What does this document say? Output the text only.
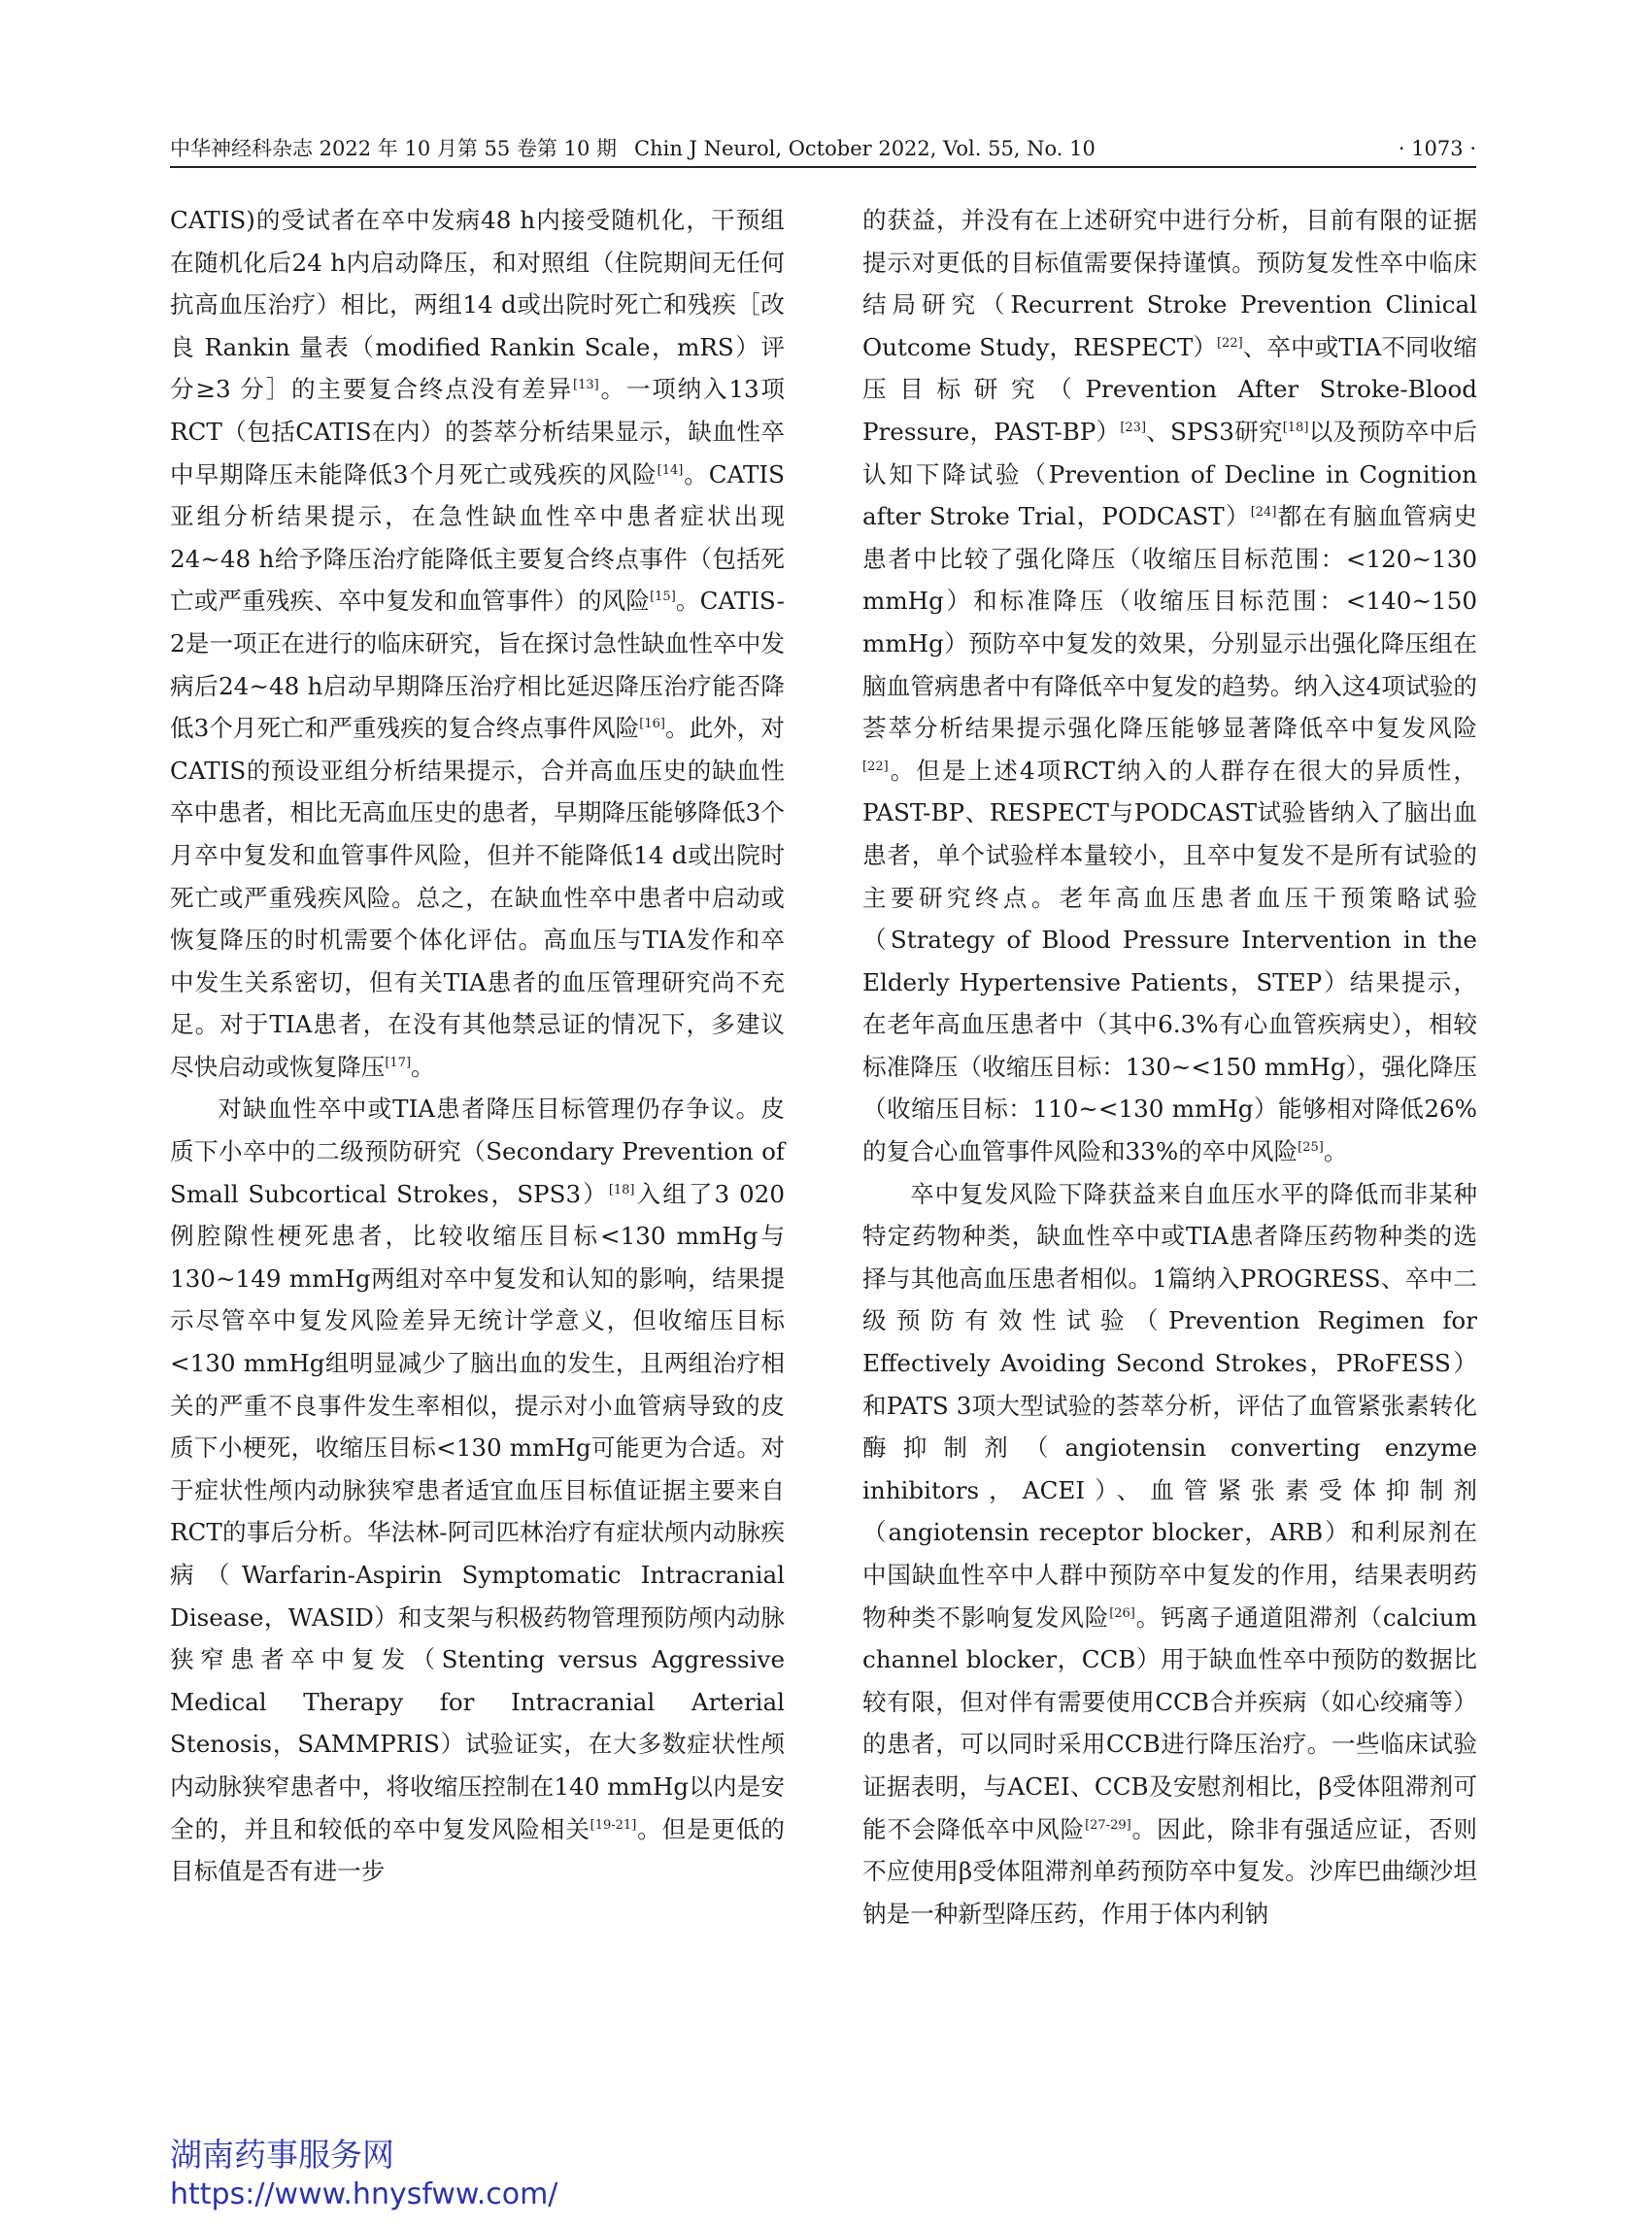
中华神经科杂志 2022 年 10 月第 55 卷第 10 期 Chin J Neurol, October 2022, Vol. 55, No. 10	· 1073 ·

CATIS)的受试者在卒中发病48 h内接受随机化，干预组在随机化后24 h内启动降压，和对照组（住院期间无任何抗高血压治疗）相比，两组14 d或出院时死亡和残疾［改良 Rankin 量表（modified Rankin Scale，mRS）评分≥3 分］的主要复合终点没有差异[13]。一项纳入13项RCT（包括CATIS在内）的荟萃分析结果显示，缺血性卒中早期降压未能降低3个月死亡或残疾的风险[14]。CATIS亚组分析结果提示，在急性缺血性卒中患者症状出现24~48 h给予降压治疗能降低主要复合终点事件（包括死亡或严重残疾、卒中复发和血管事件）的风险[15]。CATIS-2是一项正在进行的临床研究，旨在探讨急性缺血性卒中发病后24~48 h启动早期降压治疗相比延迟降压治疗能否降低3个月死亡和严重残疾的复合终点事件风险[16]。此外，对CATIS的预设亚组分析结果提示，合并高血压史的缺血性卒中患者，相比无高血压史的患者，早期降压能够降低3个月卒中复发和血管事件风险，但并不能降低14 d或出院时死亡或严重残疾风险。总之，在缺血性卒中患者中启动或恢复降压的时机需要个体化评估。高血压与TIA发作和卒中发生关系密切，但有关TIA患者的血压管理研究尚不充足。对于TIA患者，在没有其他禁忌证的情况下，多建议尽快启动或恢复降压[17]。

对缺血性卒中或TIA患者降压目标管理仍存争议。皮质下小卒中的二级预防研究（Secondary Prevention of Small Subcortical Strokes，SPS3）[18]入组了3 020例腔隙性梗死患者，比较收缩压目标<130 mmHg与130~149 mmHg两组对卒中复发和认知的影响，结果提示尽管卒中复发风险差异无统计学意义，但收缩压目标<130 mmHg组明显减少了脑出血的发生，且两组治疗相关的严重不良事件发生率相似，提示对小血管病导致的皮质下小梗死，收缩压目标<130 mmHg可能更为合适。对于症状性颅内动脉狭窄患者适宜血压目标值证据主要来自RCT的事后分析。华法林-阿司匹林治疗有症状颅内动脉疾病（Warfarin-Aspirin Symptomatic Intracranial Disease，WASID）和支架与积极药物管理预防颅内动脉狭窄患者卒中复发（Stenting versus Aggressive Medical Therapy for Intracranial Arterial Stenosis，SAMMPRIS）试验证实，在大多数症状性颅内动脉狭窄患者中，将收缩压控制在140 mmHg以内是安全的，并且和较低的卒中复发风险相关[19-21]。但是更低的目标值是否有进一步

的获益，并没有在上述研究中进行分析，目前有限的证据提示对更低的目标值需要保持谨慎。预防复发性卒中临床结局研究（Recurrent Stroke Prevention Clinical Outcome Study，RESPECT）[22]、卒中或TIA不同收缩压目标研究（Prevention After Stroke-Blood Pressure，PAST-BP）[23]、SPS3研究[18]以及预防卒中后认知下降试验（Prevention of Decline in Cognition after Stroke Trial，PODCAST）[24]都在有脑血管病史患者中比较了强化降压（收缩压目标范围：<120~130 mmHg）和标准降压（收缩压目标范围：<140~150 mmHg）预防卒中复发的效果，分别显示出强化降压组在脑血管病患者中有降低卒中复发的趋势。纳入这4项试验的荟萃分析结果提示强化降压能够显著降低卒中复发风险[22]。但是上述4项RCT纳入的人群存在很大的异质性，PAST-BP、RESPECT与PODCAST试验皆纳入了脑出血患者，单个试验样本量较小，且卒中复发不是所有试验的主要研究终点。老年高血压患者血压干预策略试验（Strategy of Blood Pressure Intervention in the Elderly Hypertensive Patients，STEP）结果提示，在老年高血压患者中（其中6.3%有心血管疾病史），相较标准降压（收缩压目标：130~<150 mmHg），强化降压（收缩压目标：110~<130 mmHg）能够相对降低26%的复合心血管事件风险和33%的卒中风险[25]。

卒中复发风险下降获益来自血压水平的降低而非某种特定药物种类，缺血性卒中或TIA患者降压药物种类的选择与其他高血压患者相似。1篇纳入PROGRESS、卒中二级预防有效性试验（Prevention Regimen for Effectively Avoiding Second Strokes，PRoFESS）和PATS 3项大型试验的荟萃分析，评估了血管紧张素转化酶抑制剂（angiotensin converting enzyme inhibitors，ACEI）、血管紧张素受体抑制剂（angiotensin receptor blocker，ARB）和利尿剂在中国缺血性卒中人群中预防卒中复发的作用，结果表明药物种类不影响复发风险[26]。钙离子通道阻滞剂（calcium channel blocker，CCB）用于缺血性卒中预防的数据比较有限，但对伴有需要使用CCB合并疾病（如心绞痛等）的患者，可以同时采用CCB进行降压治疗。一些临床试验证据表明，与ACEI、CCB及安慰剂相比，β受体阻滞剂可能不会降低卒中风险[27-29]。因此，除非有强适应证，否则不应使用β受体阻滞剂单药预防卒中复发。沙库巴曲缬沙坦钠是一种新型降压药，作用于体内利钠

湖南药事服务网
https://www.hnysfww.com/
